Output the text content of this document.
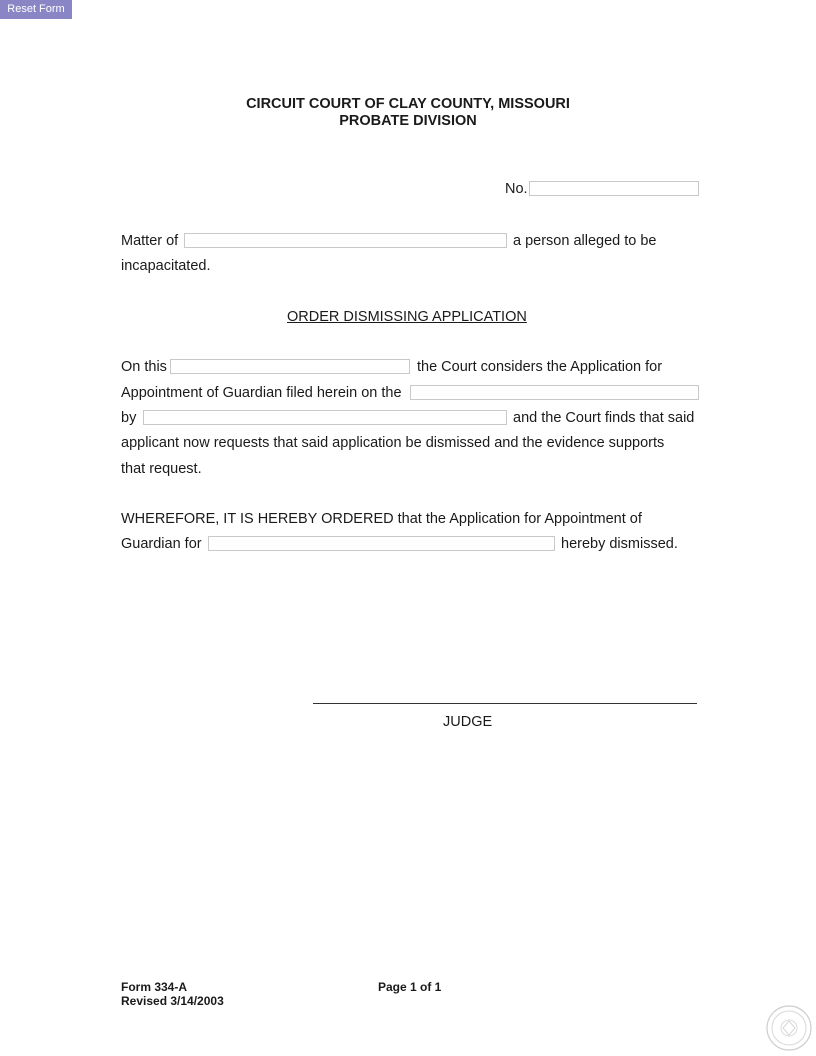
Reset Form
CIRCUIT COURT OF CLAY COUNTY, MISSOURI
PROBATE DIVISION
No.
Matter of	a person alleged to be
incapacitated.
ORDER DISMISSING APPLICATION
On this	the Court considers the Application for
Appointment of Guardian filed herein on the
by	and the Court finds that said
applicant now requests that said application be dismissed and the evidence supports
that request.
WHEREFORE, IT IS HEREBY ORDERED that the Application for Appointment of
Guardian for	hereby dismissed.
JUDGE
Form 334-A
Revised 3/14/2003
Page 1 of 1
